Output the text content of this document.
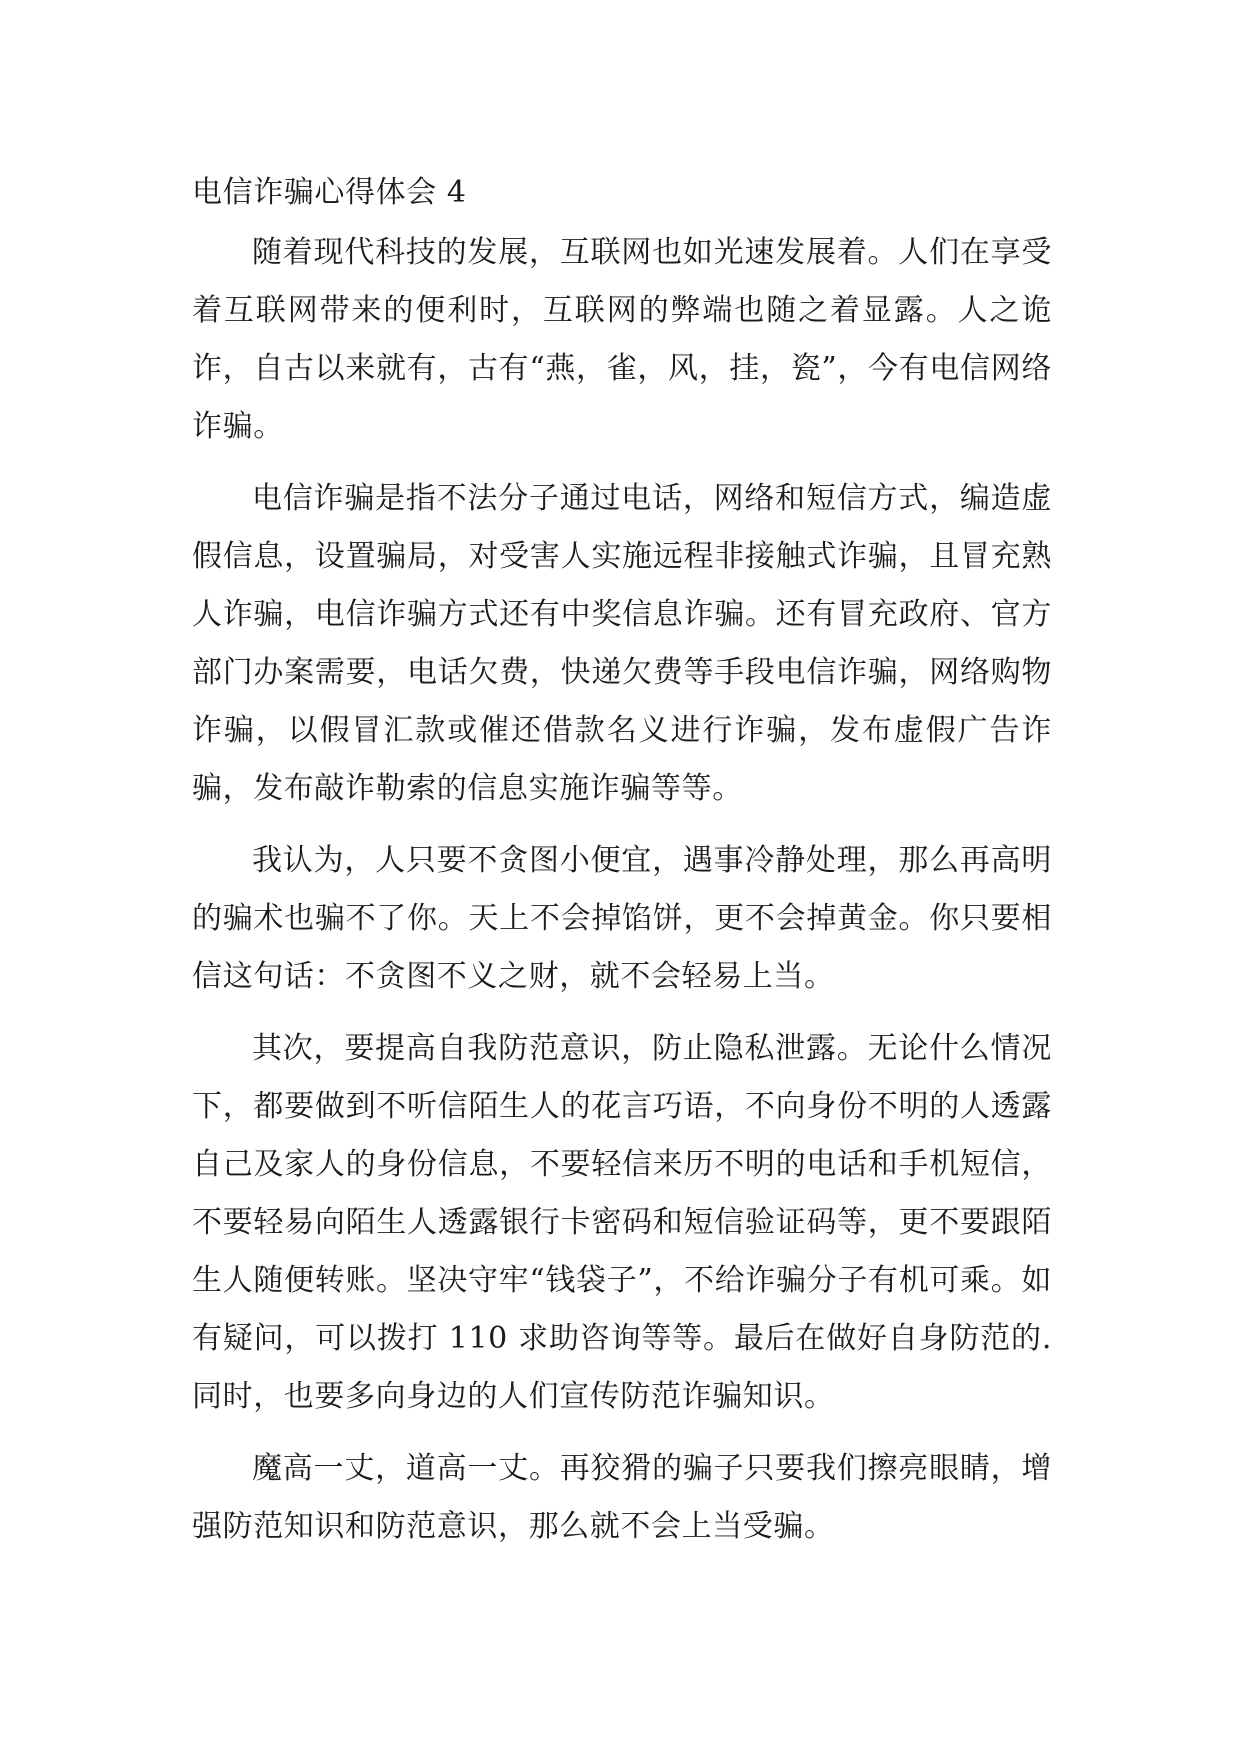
电信诈骗心得体会 4

随着现代科技的发展，互联网也如光速发展着。人们在享受着互联网带来的便利时，互联网的弊端也随之着显露。人之诡诈，自古以来就有，古有“燕，雀，风，挂，瓷”，今有电信网络诈骗。

电信诈骗是指不法分子通过电话，网络和短信方式，编造虚假信息，设置骗局，对受害人实施远程非接触式诈骗，且冒充熟人诈骗，电信诈骗方式还有中奖信息诈骗。还有冒充政府、官方部门办案需要，电话欠费，快递欠费等手段电信诈骗，网络购物诈骗，以假冒汇款或催还借款名义进行诈骗，发布虚假广告诈骗，发布敲诈勒索的信息实施诈骗等等。

我认为，人只要不贪图小便宜，遇事冷静处理，那么再高明的骗术也骗不了你。天上不会掉馅饼，更不会掉黄金。你只要相信这句话：不贪图不义之财，就不会轻易上当。

其次，要提高自我防范意识，防止隐私泄露。无论什么情况下，都要做到不听信陌生人的花言巧语，不向身份不明的人透露自己及家人的身份信息，不要轻信来历不明的电话和手机短信，不要轻易向陌生人透露银行卡密码和短信验证码等，更不要跟陌生人随便转账。坚决守牢“钱袋子”，不给诈骗分子有机可乘。如有疑问，可以拨打 110 求助咨询等等。最后在做好自身防范的.同时，也要多向身边的人们宣传防范诈骗知识。

魔高一丈，道高一丈。再狡猾的骗子只要我们擦亮眼睛，增强防范知识和防范意识，那么就不会上当受骗。
